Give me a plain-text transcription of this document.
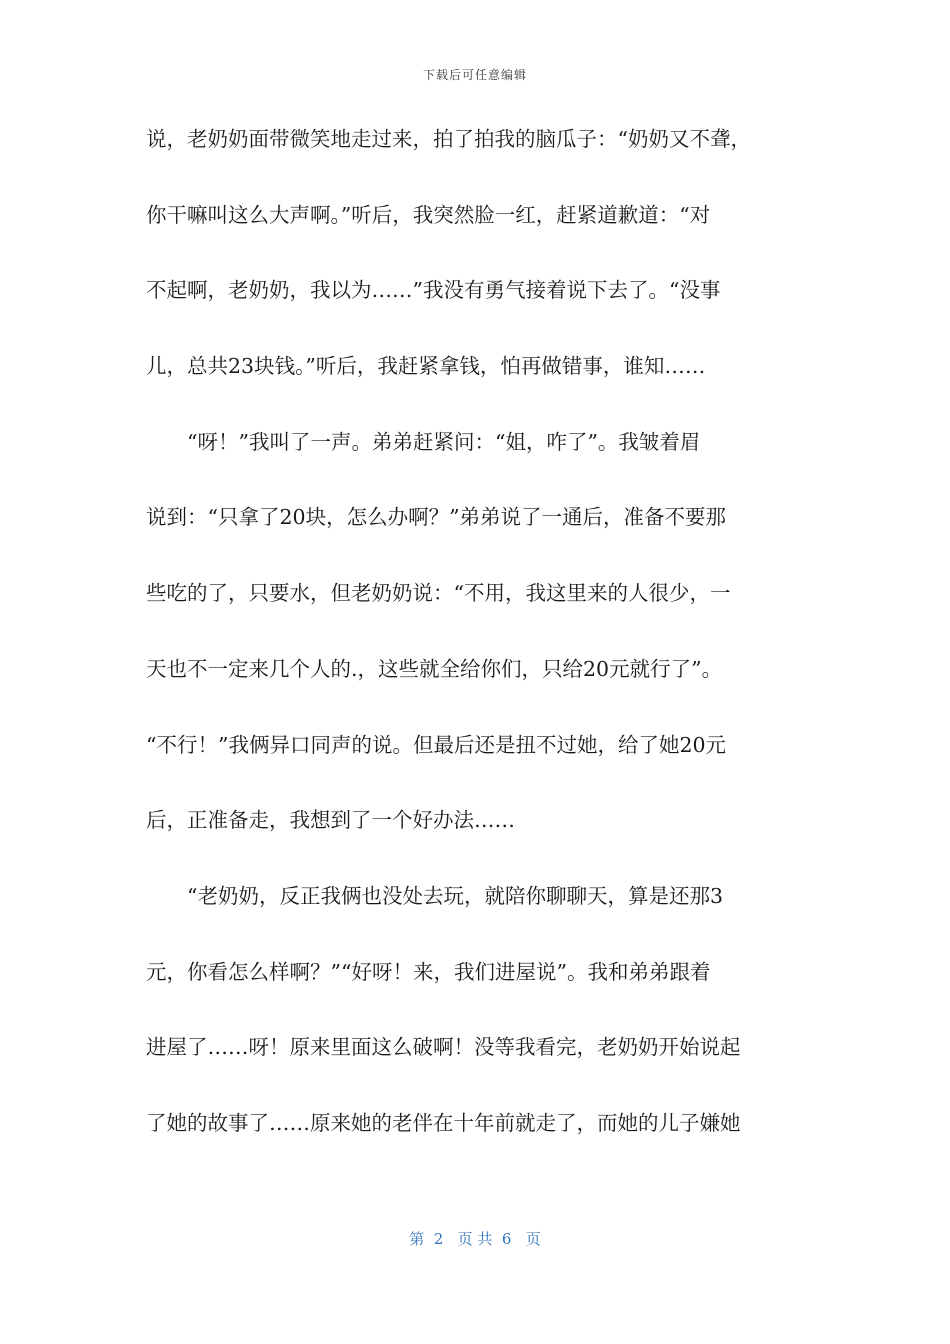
下载后可任意编辑
说，老奶奶面带微笑地走过来，拍了拍我的脑瓜子：“奶奶又不聋，
你干嘛叫这么大声啊。”听后，我突然脸一红，赶紧道歉道：“对
不起啊，老奶奶，我以为……”我没有勇气接着说下去了。“没事
儿，总共23块钱。”听后，我赶紧拿钱，怕再做错事，谁知……
　　“呀！”我叫了一声。弟弟赶紧问：“姐，咋了”。我皱着眉
说到：“只拿了20块，怎么办啊？”弟弟说了一通后，准备不要那
些吃的了，只要水，但老奶奶说：“不用，我这里来的人很少，一
天也不一定来几个人的.，这些就全给你们，只给20元就行了”。
“不行！”我俩异口同声的说。但最后还是扭不过她，给了她20元
后，正准备走，我想到了一个好办法……
　　“老奶奶，反正我俩也没处去玩，就陪你聊聊天，算是还那3
元，你看怎么样啊？”“好呀！来，我们进屋说”。我和弟弟跟着
进屋了……呀！原来里面这么破啊！没等我看完，老奶奶开始说起
了她的故事了……原来她的老伴在十年前就走了，而她的儿子嫌她
第  2   页 共  6   页
